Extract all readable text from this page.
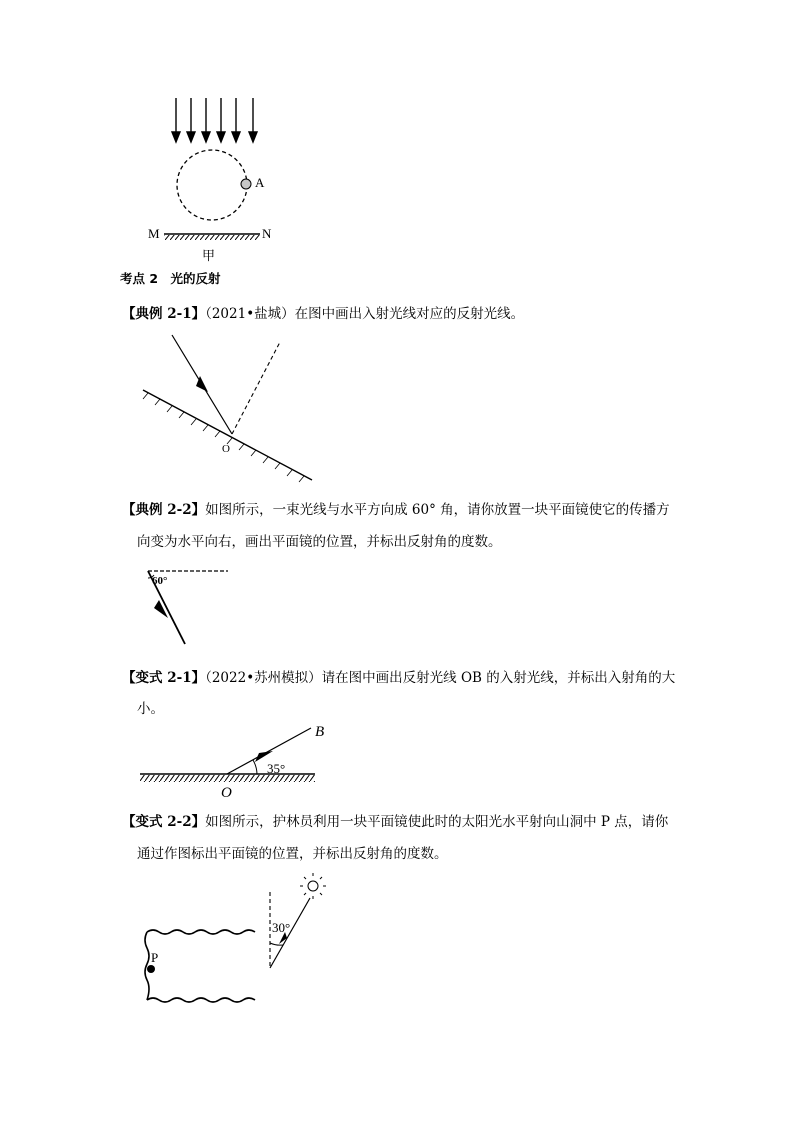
A
M	N
甲
考点 2　光的反射
【典例 2-1】（2021•盐城）在图中画出入射光线对应的反射光线。
O
【典例 2-2】如图所示，一束光线与水平方向成 60° 角，请你放置一块平面镜使它的传播方
向变为水平向右，画出平面镜的位置，并标出反射角的度数。
60°
【变式 2-1】（2022•苏州模拟）请在图中画出反射光线 OB 的入射光线，并标出入射角的大
小。
35°
B
O
【变式 2-2】如图所示，护林员利用一块平面镜使此时的太阳光水平射向山洞中 P 点，请你
通过作图标出平面镜的位置，并标出反射角的度数。
P
30°
